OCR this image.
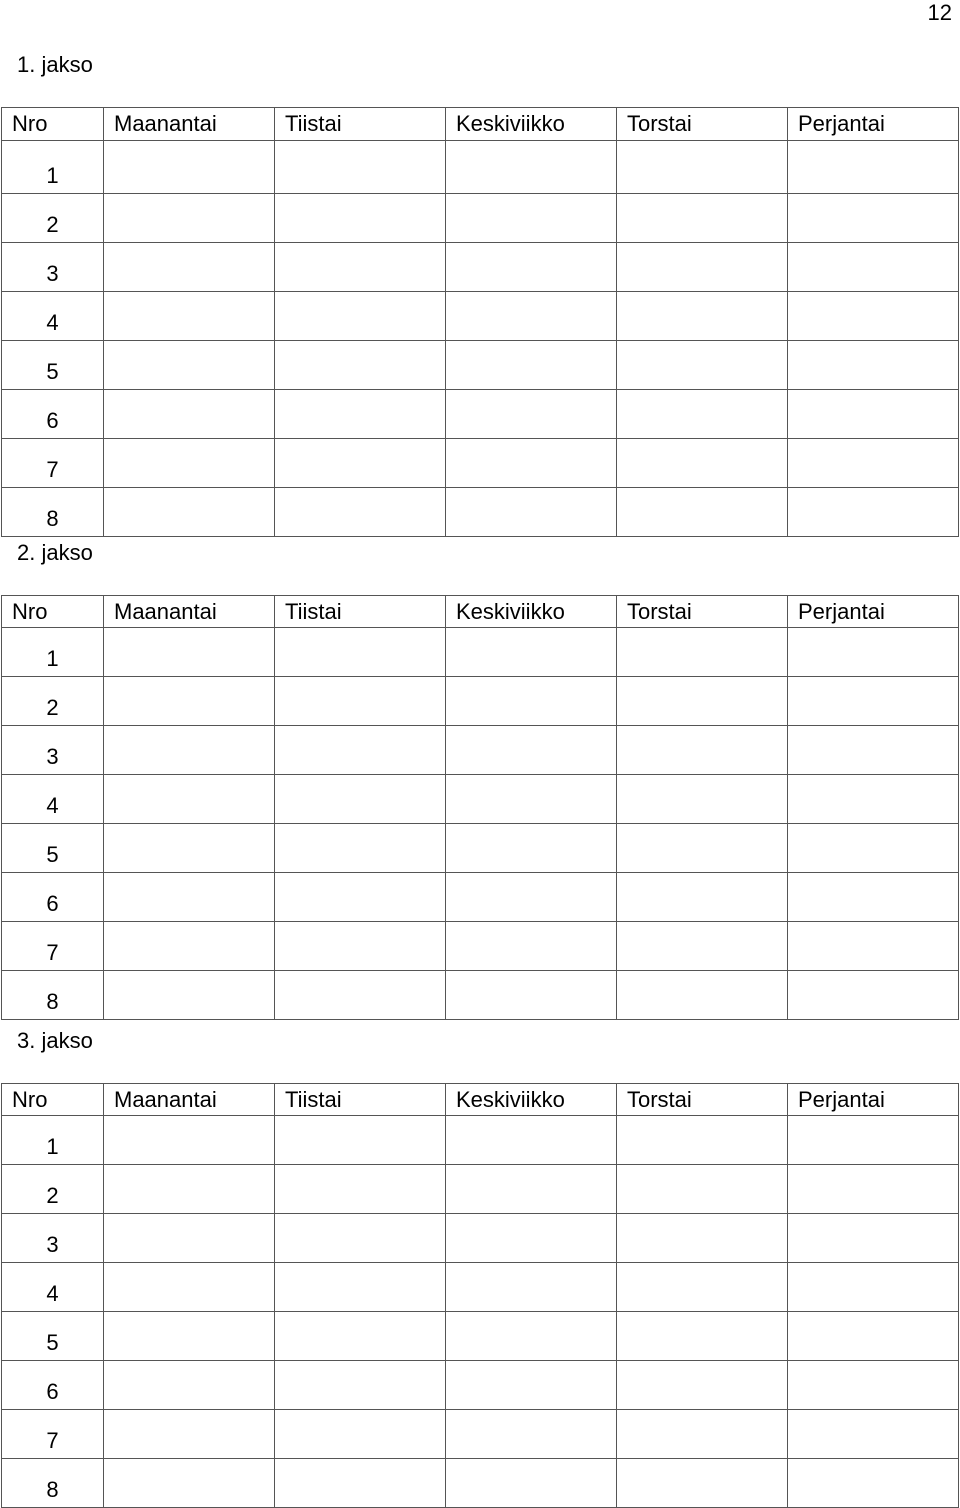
12
1. jakso
Nro	Maanantai	Tiistai	Keskiviikko	Torstai	Perjantai
1					
2					
3					
4					
5					
6					
7					
8					
2. jakso
Nro	Maanantai	Tiistai	Keskiviikko	Torstai	Perjantai
1					
2					
3					
4					
5					
6					
7					
8					
3. jakso
Nro	Maanantai	Tiistai	Keskiviikko	Torstai	Perjantai
1					
2					
3					
4					
5					
6					
7					
8					
